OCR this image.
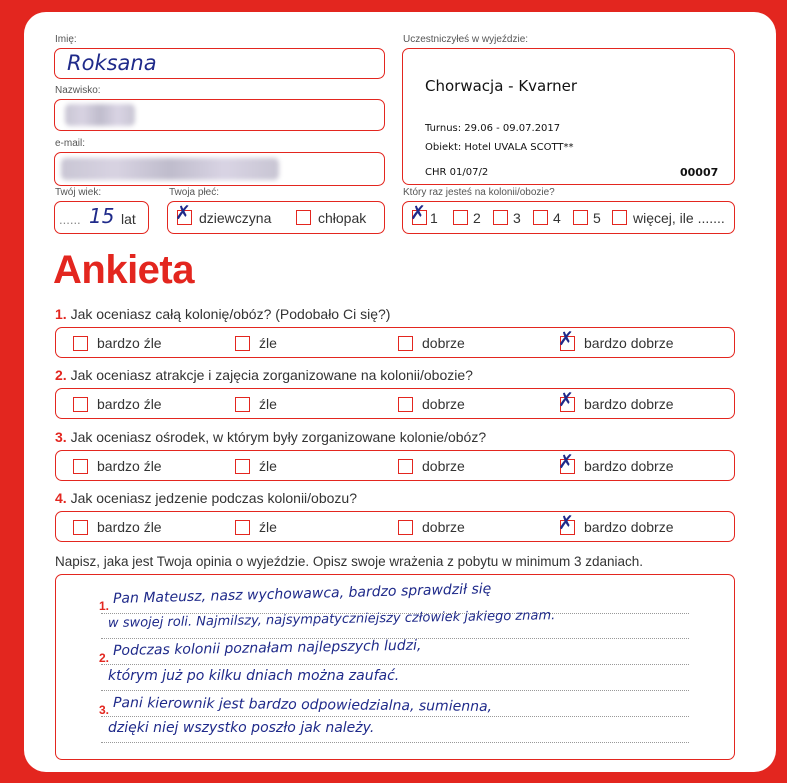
Imię:
Roksana
Nazwisko:
e-mail:
Twój wiek:
...... 15 lat
Twoja płeć:
✗ dziewczyna	chłopak
Uczestniczyłeś w wyjeździe:
Chorwacja - Kvarner
Turnus: 29.06 - 09.07.2017
Obiekt: Hotel UVALA SCOTT**
CHR 01/07/2	00007
Który raz jesteś na kolonii/obozie?
✗ 1	2 3 4 5 więcej, ile .......
Ankieta
1. Jak oceniasz całą kolonię/obóz? (Podobało Ci się?)
bardzo źle	źle	dobrze	✗ bardzo dobrze
2. Jak oceniasz atrakcje i zajęcia zorganizowane na kolonii/obozie?
bardzo źle	źle	dobrze	✗ bardzo dobrze
3. Jak oceniasz ośrodek, w którym były zorganizowane kolonie/obóz?
bardzo źle	źle	dobrze	✗ bardzo dobrze
4. Jak oceniasz jedzenie podczas kolonii/obozu?
bardzo źle	źle	dobrze	✗ bardzo dobrze
Napisz, jaka jest Twoja opinia o wyjeździe. Opisz swoje wrażenia z pobytu w minimum 3 zdaniach.
1.
2.
3.
Pan Mateusz, nasz wychowawca, bardzo sprawdził się
w swojej roli. Najmilszy, najsympatyczniejszy człowiek jakiego znam.
Podczas kolonii poznałam najlepszych ludzi,
którym już po kilku dniach można zaufać.
Pani kierownik jest bardzo odpowiedzialna, sumienna,
dzięki niej wszystko poszło jak należy.
